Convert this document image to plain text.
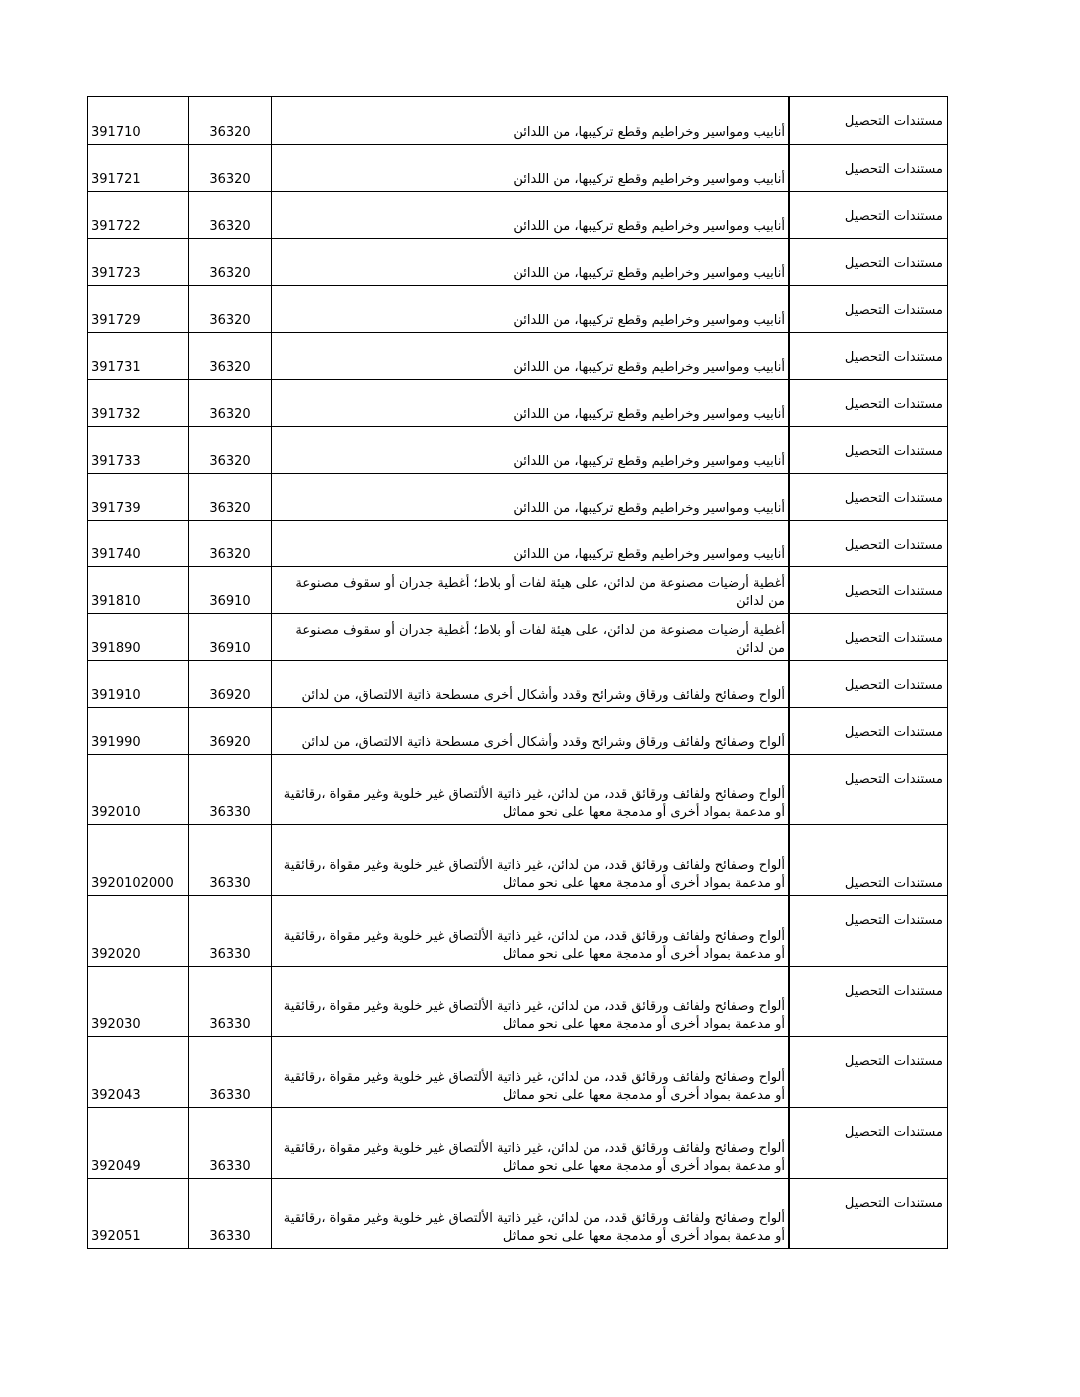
391710	36320	أنابيب ومواسير وخراطيم وقطع تركيبها، من اللدائن	مستندات التحصيل
391721	36320	أنابيب ومواسير وخراطيم وقطع تركيبها، من اللدائن	مستندات التحصيل
391722	36320	أنابيب ومواسير وخراطيم وقطع تركيبها، من اللدائن	مستندات التحصيل
391723	36320	أنابيب ومواسير وخراطيم وقطع تركيبها، من اللدائن	مستندات التحصيل
391729	36320	أنابيب ومواسير وخراطيم وقطع تركيبها، من اللدائن	مستندات التحصيل
391731	36320	أنابيب ومواسير وخراطيم وقطع تركيبها، من اللدائن	مستندات التحصيل
391732	36320	أنابيب ومواسير وخراطيم وقطع تركيبها، من اللدائن	مستندات التحصيل
391733	36320	أنابيب ومواسير وخراطيم وقطع تركيبها، من اللدائن	مستندات التحصيل
391739	36320	أنابيب ومواسير وخراطيم وقطع تركيبها، من اللدائن	مستندات التحصيل
391740	36320	أنابيب ومواسير وخراطيم وقطع تركيبها، من اللدائن	مستندات التحصيل
391810	36910	أغطية أرضيات مصنوعة من لدائن، على هيئة لفات أو بلاط؛ أغطية جدران أو سقوف مصنوعة من لدائن	مستندات التحصيل
391890	36910	أغطية أرضيات مصنوعة من لدائن، على هيئة لفات أو بلاط؛ أغطية جدران أو سقوف مصنوعة من لدائن	مستندات التحصيل
391910	36920	ألواح وصفائح ولفائف ورقاق وشرائح وقدد وأشكال أخرى مسطحة ذاتية الالتصاق، من لدائن	مستندات التحصيل
391990	36920	ألواح وصفائح ولفائف ورقاق وشرائح وقدد وأشكال أخرى مسطحة ذاتية الالتصاق، من لدائن	مستندات التحصيل
392010	36330	ألواح وصفائح ولفائف ورقائق قدد، من لدائن، غير ذاتية الألتصاق غير خلوية وغير مقواة ،رقائقية أو مدعمة بمواد أخرى أو مدمجة معها على نحو مماثل	مستندات التحصيل
3920102000	36330	ألواح وصفائح ولفائف ورقائق قدد، من لدائن، غير ذاتية الألتصاق غير خلوية وغير مقواة ،رقائقية أو مدعمة بمواد أخرى أو مدمجة معها على نحو مماثل	مستندات التحصيل
392020	36330	ألواح وصفائح ولفائف ورقائق قدد، من لدائن، غير ذاتية الألتصاق غير خلوية وغير مقواة ،رقائقية أو مدعمة بمواد أخرى أو مدمجة معها على نحو مماثل	مستندات التحصيل
392030	36330	ألواح وصفائح ولفائف ورقائق قدد، من لدائن، غير ذاتية الألتصاق غير خلوية وغير مقواة ،رقائقية أو مدعمة بمواد أخرى أو مدمجة معها على نحو مماثل	مستندات التحصيل
392043	36330	ألواح وصفائح ولفائف ورقائق قدد، من لدائن، غير ذاتية الألتصاق غير خلوية وغير مقواة ،رقائقية أو مدعمة بمواد أخرى أو مدمجة معها على نحو مماثل	مستندات التحصيل
392049	36330	ألواح وصفائح ولفائف ورقائق قدد، من لدائن، غير ذاتية الألتصاق غير خلوية وغير مقواة ،رقائقية أو مدعمة بمواد أخرى أو مدمجة معها على نحو مماثل	مستندات التحصيل
392051	36330	ألواح وصفائح ولفائف ورقائق قدد، من لدائن، غير ذاتية الألتصاق غير خلوية وغير مقواة ،رقائقية أو مدعمة بمواد أخرى أو مدمجة معها على نحو مماثل	مستندات التحصيل
